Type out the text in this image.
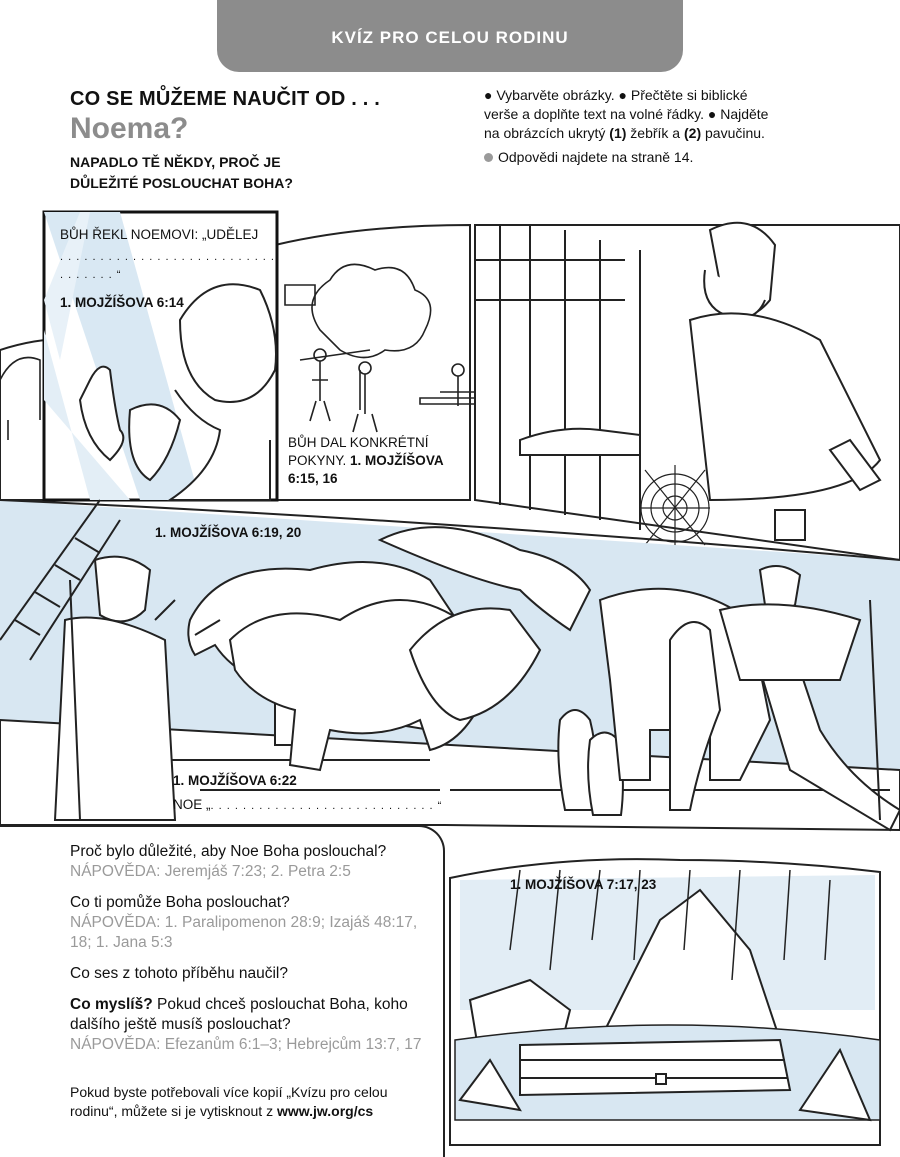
KVÍZ PRO CELOU RODINU
CO SE MŮŽEME NAUČIT OD . . .
Noema?
NAPADLO TĚ NĚKDY, PROČ JE
DŮLEŽITÉ POSLOUCHAT BOHA?
● Vybarvěte obrázky. ● Přečtěte si biblické
verše a doplňte text na volné řádky. ● Najděte
na obrázcích ukrytý (1) žebřík a (2) pavučinu.
Odpovědi najdete na straně 14.
BŮH ŘEKL NOEMOVI: „UDĚLEJ
. . . . . . . . . . . . . . . . . . . . . . . . . . . . . . . . . . “
1. MOJŽÍŠOVA 6:14
BŮH DAL KONKRÉTNÍ
POKYNY. 1. MOJŽÍŠOVA
6:15, 16
1. MOJŽÍŠOVA 6:19, 20
1. MOJŽÍŠOVA 6:22
NOE „. . . . . . . . . . . . . . . . . . . . . . . . . . . . “
1. MOJŽÍŠOVA 7:17, 23
Proč bylo důležité, aby Noe Boha poslouchal?
NÁPOVĚDA: Jeremjáš 7:23; 2. Petra 2:5
Co ti pomůže Boha poslouchat?
NÁPOVĚDA: 1. Paralipomenon 28:9; Izajáš 48:17, 18; 1. Jana 5:3
Co ses z tohoto příběhu naučil?
Co myslíš? Pokud chceš poslouchat Boha, koho dalšího ještě musíš poslouchat?
NÁPOVĚDA: Efezanům 6:1–3; Hebrejcům 13:7, 17
Pokud byste potřebovali více kopií „Kvízu pro celou rodinu“, můžete si je vytisknout z www.jw.org/cs
